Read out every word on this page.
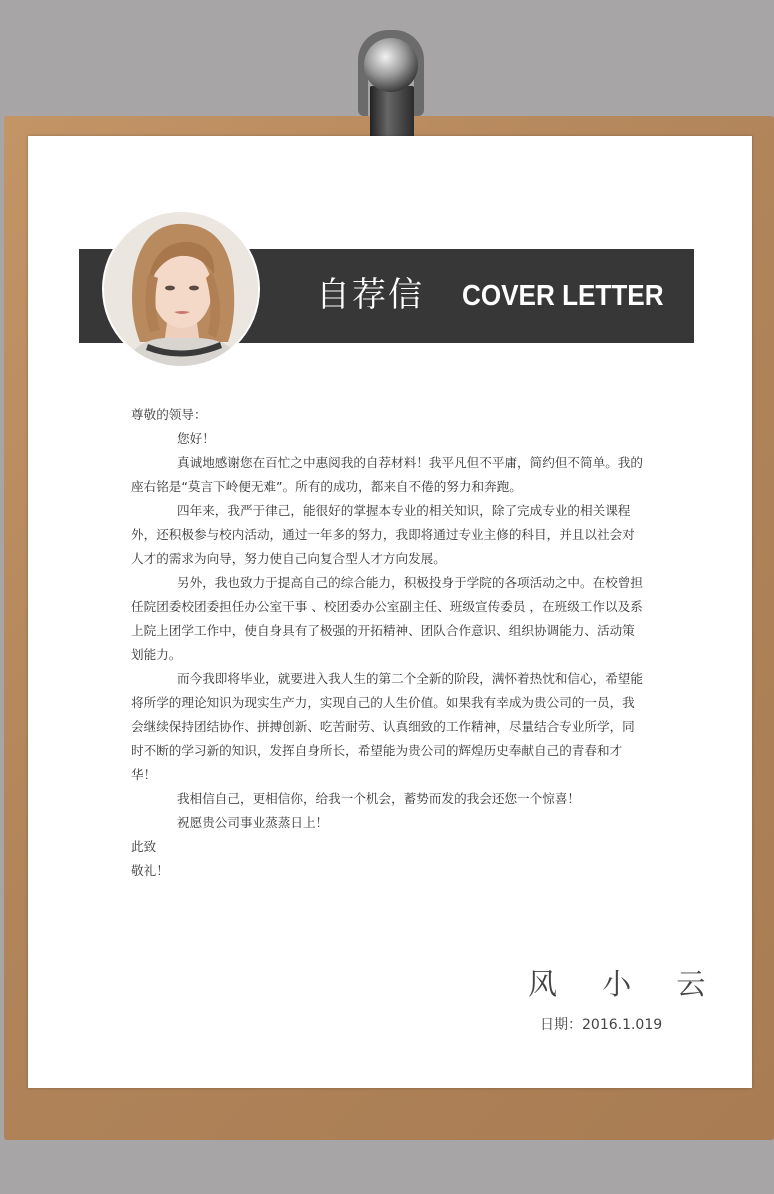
自荐信 COVER LETTER

尊敬的领导：

您好！

真诚地感谢您在百忙之中惠阅我的自荐材料！我平凡但不平庸，简约但不简单。我的座右铭是“莫言下岭便无难”。所有的成功，都来自不倦的努力和奔跑。

四年来，我严于律己，能很好的掌握本专业的相关知识，除了完成专业的相关课程外，还积极参与校内活动，通过一年多的努力，我即将通过专业主修的科目，并且以社会对人才的需求为向导，努力使自己向复合型人才方向发展。

另外，我也致力于提高自己的综合能力，积极投身于学院的各项活动之中。在校曾担任院团委校团委担任办公室干事 、校团委办公室副主任、班级宣传委员 ，在班级工作以及系上院上团学工作中，使自身具有了极强的开拓精神、团队合作意识、组织协调能力、活动策划能力。

而今我即将毕业，就要进入我人生的第二个全新的阶段，满怀着热忱和信心，希望能将所学的理论知识为现实生产力，实现自己的人生价值。如果我有幸成为贵公司的一员，我会继续保持团结协作、拼搏创新、吃苦耐劳、认真细致的工作精神，尽量结合专业所学，同时不断的学习新的知识，发挥自身所长，希望能为贵公司的辉煌历史奉献自己的青春和才华！

我相信自己，更相信你，给我一个机会，蓄势而发的我会还您一个惊喜！

祝愿贵公司事业蒸蒸日上！

此致

敬礼！

风 小 云
日期：2016.1.019
